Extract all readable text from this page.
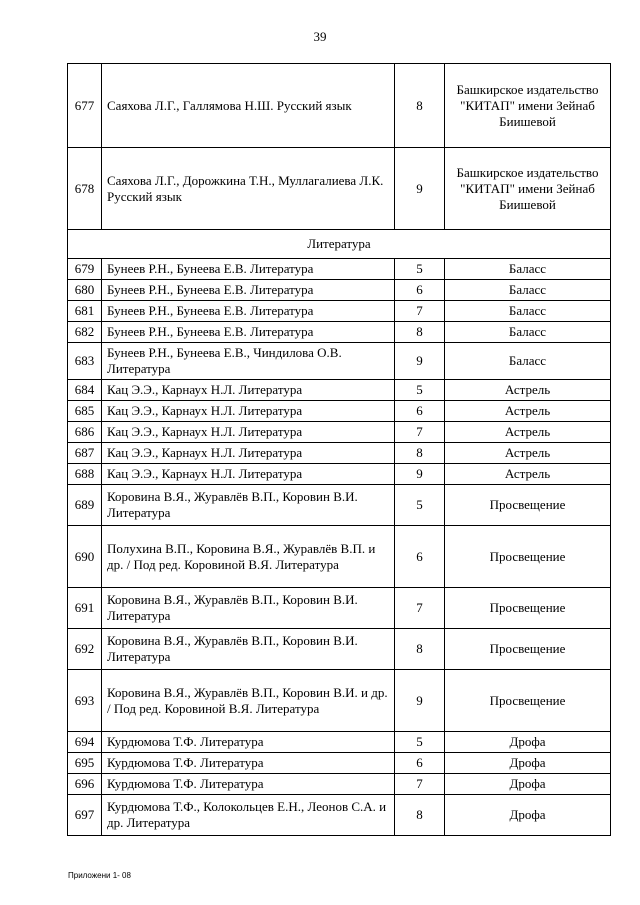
39
677	Саяхова Л.Г., Галлямова Н.Ш. Русский язык	8	Башкирское издательство "КИТАП" имени Зейнаб Биишевой
678	Саяхова Л.Г., Дорожкина Т.Н., Муллагалиева Л.К. Русский язык	9	Башкирское издательство "КИТАП" имени Зейнаб Биишевой
Литература			
679	Бунеев Р.Н., Бунеева Е.В. Литература	5	Баласс
680	Бунеев Р.Н., Бунеева Е.В. Литература	6	Баласс
681	Бунеев Р.Н., Бунеева Е.В. Литература	7	Баласс
682	Бунеев Р.Н., Бунеева Е.В. Литература	8	Баласс
683	Бунеев Р.Н., Бунеева Е.В., Чиндилова О.В. Литература	9	Баласс
684	Кац Э.Э., Карнаух Н.Л. Литература	5	Астрель
685	Кац Э.Э., Карнаух Н.Л. Литература	6	Астрель
686	Кац Э.Э., Карнаух Н.Л. Литература	7	Астрель
687	Кац Э.Э., Карнаух Н.Л. Литература	8	Астрель
688	Кац Э.Э., Карнаух Н.Л. Литература	9	Астрель
689	Коровина В.Я., Журавлёв В.П., Коровин В.И. Литература	5	Просвещение
690	Полухина В.П., Коровина В.Я., Журавлёв В.П. и др. / Под ред. Коровиной В.Я. Литература	6	Просвещение
691	Коровина В.Я., Журавлёв В.П., Коровин В.И. Литература	7	Просвещение
692	Коровина В.Я., Журавлёв В.П., Коровин В.И. Литература	8	Просвещение
693	Коровина В.Я., Журавлёв В.П., Коровин В.И. и др. / Под ред. Коровиной В.Я. Литература	9	Просвещение
694	Курдюмова Т.Ф. Литература	5	Дрофа
695	Курдюмова Т.Ф. Литература	6	Дрофа
696	Курдюмова Т.Ф. Литература	7	Дрофа
697	Курдюмова Т.Ф., Колокольцев Е.Н., Леонов С.А. и др. Литература	8	Дрофа
Приложени 1- 08
